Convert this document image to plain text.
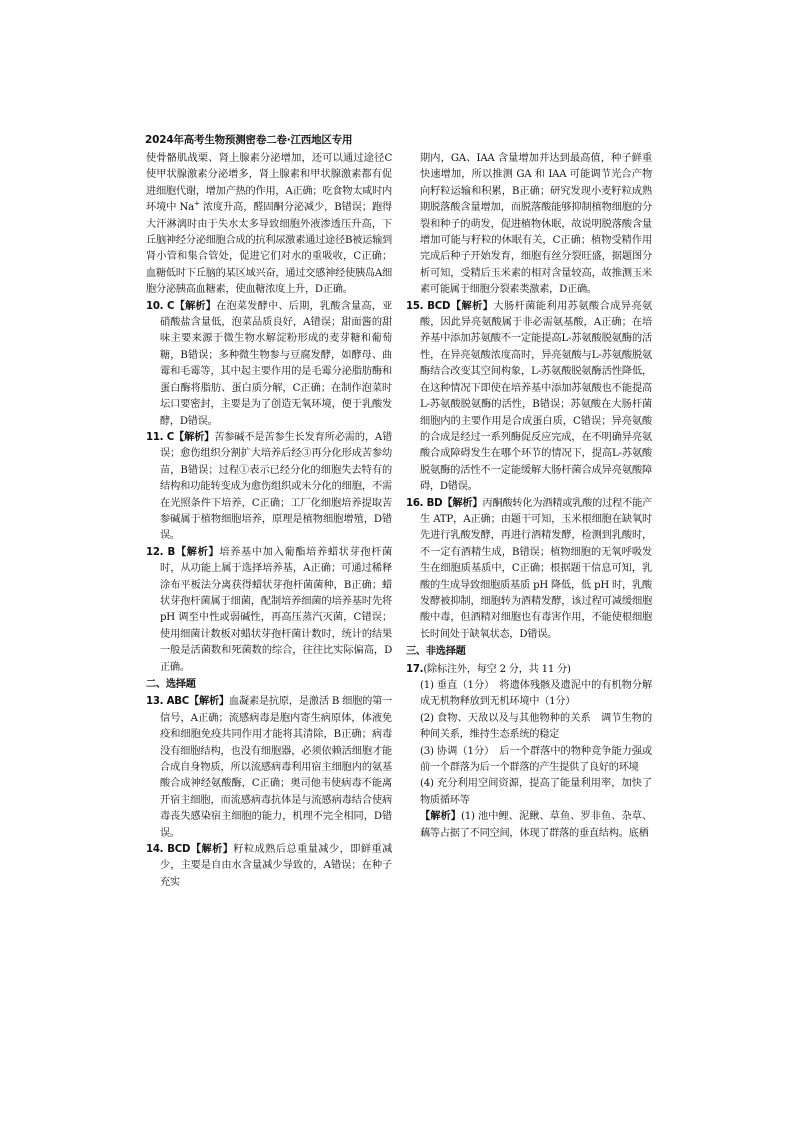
2024年高考生物预测密卷二卷·江西地区专用

使骨骼肌战栗、肾上腺素分泌增加，还可以通过途径C使甲状腺激素分泌增多，肾上腺素和甲状腺激素都有促进细胞代谢，增加产热的作用，A正确；吃食物太咸时内环境中 Na+ 浓度升高，醛固酮分泌减少，B错误；跑得大汗淋漓时由于失水太多导致细胞外液渗透压升高，下丘脑神经分泌细胞合成的抗利尿激素通过途径B被运输到肾小管和集合管处，促进它们对水的重吸收，C正确；血糖低时下丘脑的某区域兴奋，通过交感神经使胰岛A细胞分泌胰高血糖素，使血糖浓度上升，D正确。

10. C【解析】在泡菜发酵中、后期，乳酸含量高，亚硝酸盐含量低，泡菜品质良好，A错误；甜面酱的甜味主要来源于微生物水解淀粉形成的麦芽糖和葡萄糖，B错误；多种微生物参与豆腐发酵，如酵母、曲霉和毛霉等，其中起主要作用的是毛霉分泌脂肪酶和蛋白酶将脂肪、蛋白质分解，C正确；在制作泡菜时坛口要密封，主要是为了创造无氧环境，便于乳酸发酵，D错误。

11. C【解析】苦参碱不是苦参生长发育所必需的，A错误；愈伤组织分割扩大培养后经③再分化形成苦参幼苗，B错误；过程①表示已经分化的细胞失去特有的结构和功能转变成为愈伤组织或未分化的细胞，不需在光照条件下培养，C正确；工厂化细胞培养提取苦参碱属于植物细胞培养，原理是植物细胞增殖，D错误。

12. B【解析】培养基中加入葡酯培养蜡状芽孢杆菌时，从功能上属于选择培养基，A正确；可通过稀释涂布平板法分离获得蜡状芽孢杆菌菌种，B正确；蜡状芽孢杆菌属于细菌，配制培养细菌的培养基时先将 pH 调至中性或弱碱性，再高压蒸汽灭菌，C错误；使用细菌计数板对蜡状芽孢杆菌计数时，统计的结果一般是活菌数和死菌数的综合，往往比实际偏高，D正确。

二、选择题

13. ABC【解析】血凝素是抗原，是激活 B 细胞的第一信号，A正确；流感病毒是胞内寄生病原体，体液免疫和细胞免疫共同作用才能将其清除，B正确；病毒没有细胞结构，也没有细胞器，必须依赖活细胞才能合成自身物质，所以流感病毒利用宿主细胞内的氨基酸合成神经氨酸酶，C正确；奥司他韦使病毒不能离开宿主细胞，而流感病毒抗体是与流感病毒结合使病毒丧失感染宿主细胞的能力，机理不完全相同，D错误。

14. BCD【解析】籽粒成熟后总重量减少，即鲜重减少，主要是自由水含量减少导致的，A错误；在种子充实

期内，GA、IAA 含量增加并达到最高值，种子鲜重快速增加，所以推测 GA 和 IAA 可能调节光合产物向籽粒运输和积累，B正确；研究发现小麦籽粒成熟期脱落酸含量增加，而脱落酸能够抑制植物细胞的分裂和种子的萌发，促进植物休眠，故说明脱落酸含量增加可能与籽粒的休眠有关，C正确；植物受精作用完成后种子开始发育，细胞有丝分裂旺盛，据题图分析可知，受精后玉米素的相对含量较高，故推测玉米素可能属于细胞分裂素类激素，D正确。

15. BCD【解析】大肠杆菌能利用苏氨酸合成异亮氨酸，因此异亮氨酸属于非必需氨基酸，A正确；在培养基中添加苏氨酸不一定能提高L-苏氨酸脱氨酶的活性，在异亮氨酸浓度高时，异亮氨酸与L-苏氨酸脱氨酶结合改变其空间构象，L-苏氨酸脱氨酶活性降低，在这种情况下即使在培养基中添加苏氨酸也不能提高L-苏氨酸脱氨酶的活性，B错误；苏氨酸在大肠杆菌细胞内的主要作用是合成蛋白质，C错误；异亮氨酸的合成是经过一系列酶促反应完成，在不明确异亮氨酸合成障碍发生在哪个环节的情况下，提高L-苏氨酸脱氨酶的活性不一定能缓解大肠杆菌合成异亮氨酸障碍，D错误。

16. BD【解析】丙酮酸转化为酒精或乳酸的过程不能产生 ATP，A正确；由题干可知，玉米根细胞在缺氧时先进行乳酸发酵，再进行酒精发酵，检测到乳酸时，不一定有酒精生成，B错误；植物细胞的无氧呼吸发生在细胞质基质中，C正确；根据题干信息可知，乳酸的生成导致细胞质基质 pH 降低，低 pH 时，乳酸发酵被抑制，细胞转为酒精发酵，该过程可减缓细胞酸中毒，但酒精对细胞也有毒害作用，不能使根细胞长时间处于缺氧状态，D错误。

三、非选择题

17.(除标注外，每空 2 分，共 11 分)

(1) 垂直（1分）　将遗体残骸及遗泥中的有机物分解成无机物释放到无机环境中（1分）

(2) 食物、天敌以及与其他物种的关系　调节生物的种间关系，维持生态系统的稳定

(3) 协调（1分）　后一个群落中的物种竞争能力强或前一个群落为后一个群落的产生提供了良好的环境

(4) 充分利用空间资源，提高了能量利用率，加快了物质循环等

【解析】(1) 池中鲤、泥鳅、草鱼、罗非鱼、杂草、藕等占据了不同空间，体现了群落的垂直结构。底栖
